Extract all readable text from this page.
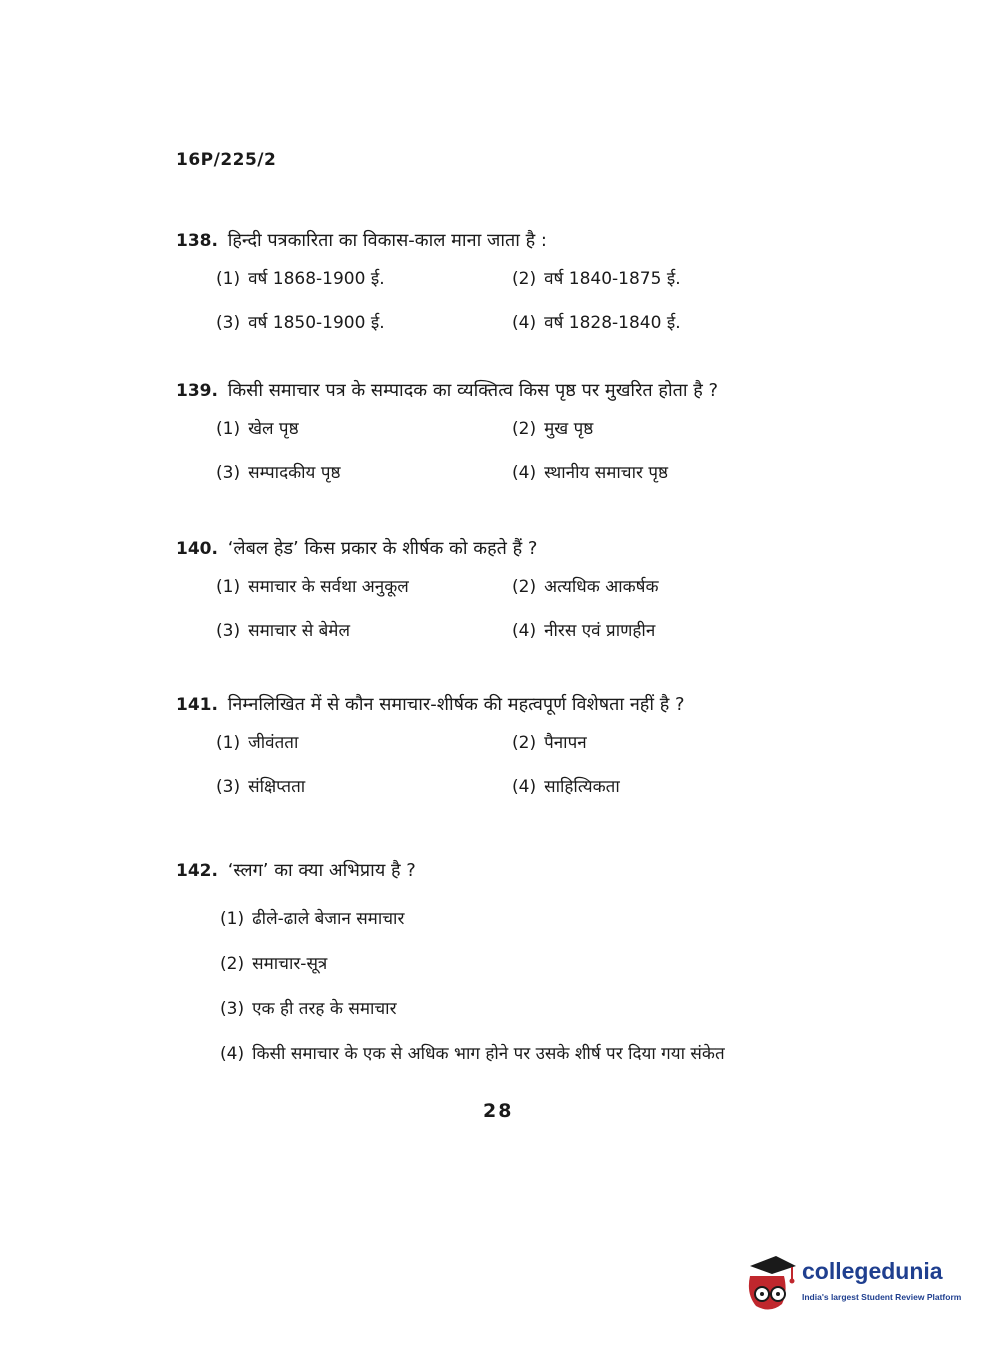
16P/225/2
138. हिन्दी पत्रकारिता का विकास-काल माना जाता है :
(1) वर्ष 1868-1900 ई.	(2) वर्ष 1840-1875 ई.
(3) वर्ष 1850-1900 ई.	(4) वर्ष 1828-1840 ई.
139. किसी समाचार पत्र के सम्पादक का व्यक्तित्व किस पृष्ठ पर मुखरित होता है ?
(1) खेल पृष्ठ	(2) मुख पृष्ठ
(3) सम्पादकीय पृष्ठ	(4) स्थानीय समाचार पृष्ठ
140. ‘लेबल हेड’ किस प्रकार के शीर्षक को कहते हैं ?
(1) समाचार के सर्वथा अनुकूल	(2) अत्यधिक आकर्षक
(3) समाचार से बेमेल	(4) नीरस एवं प्राणहीन
141. निम्नलिखित में से कौन समाचार-शीर्षक की महत्वपूर्ण विशेषता नहीं है ?
(1) जीवंतता	(2) पैनापन
(3) संक्षिप्तता	(4) साहित्यिकता
142. ‘स्लग’ का क्या अभिप्राय है ?
(1) ढीले-ढाले बेजान समाचार
(2) समाचार-सूत्र
(3) एक ही तरह के समाचार
(4) किसी समाचार के एक से अधिक भाग होने पर उसके शीर्ष पर दिया गया संकेत
28
collegedunia
India's largest Student Review Platform
